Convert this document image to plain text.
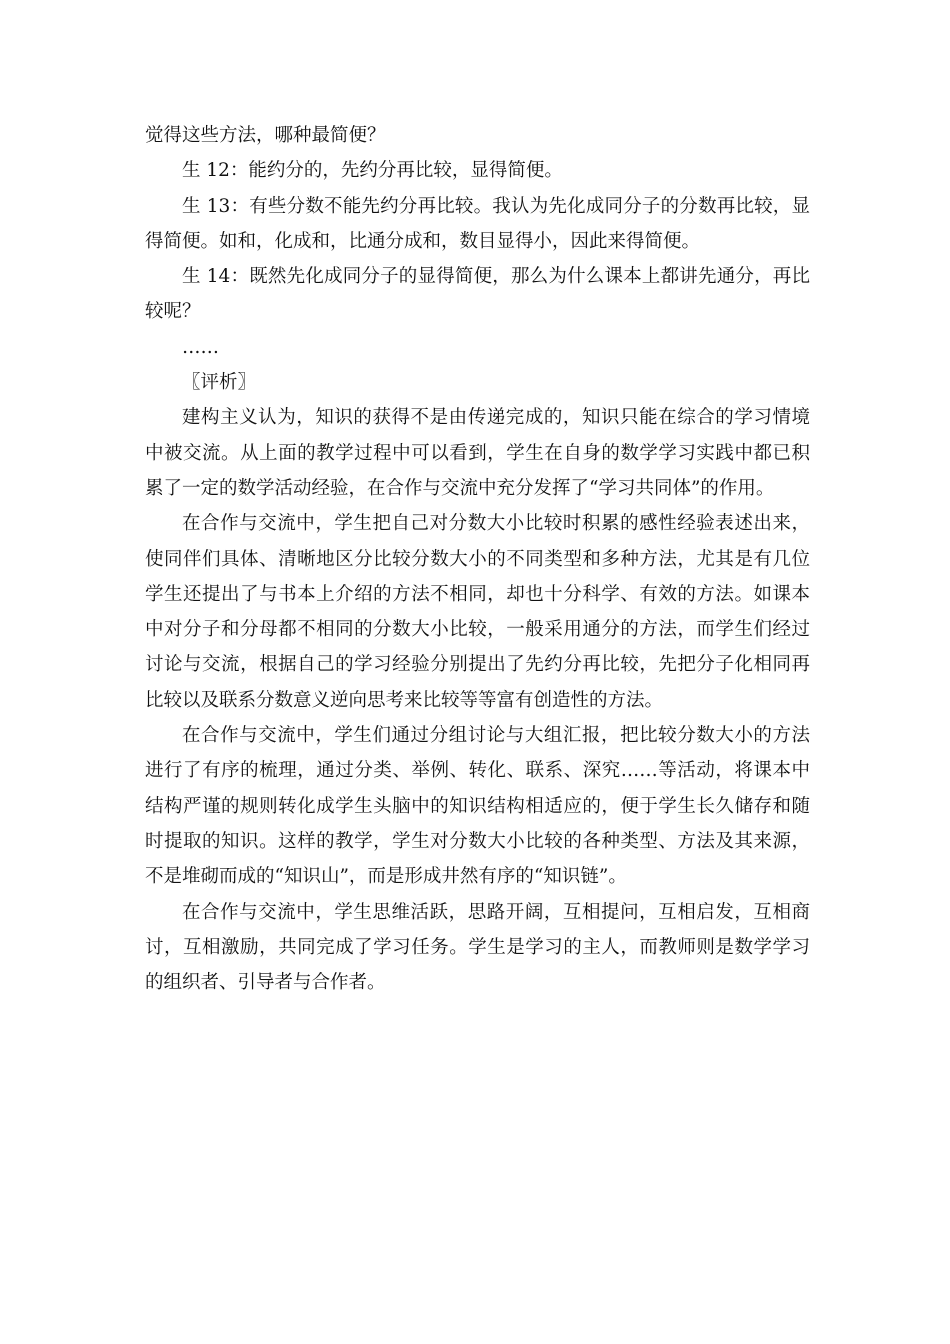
觉得这些方法，哪种最简便？

生 12：能约分的，先约分再比较，显得简便。

生 13：有些分数不能先约分再比较。我认为先化成同分子的分数再比较，显得简便。如和，化成和，比通分成和，数目显得小，因此来得简便。

生 14：既然先化成同分子的显得简便，那么为什么课本上都讲先通分，再比较呢？

……

〖评析〗

建构主义认为，知识的获得不是由传递完成的，知识只能在综合的学习情境中被交流。从上面的教学过程中可以看到，学生在自身的数学学习实践中都已积累了一定的数学活动经验，在合作与交流中充分发挥了“学习共同体”的作用。

在合作与交流中，学生把自己对分数大小比较时积累的感性经验表述出来，使同伴们具体、清晰地区分比较分数大小的不同类型和多种方法，尤其是有几位学生还提出了与书本上介绍的方法不相同，却也十分科学、有效的方法。如课本中对分子和分母都不相同的分数大小比较，一般采用通分的方法，而学生们经过讨论与交流，根据自己的学习经验分别提出了先约分再比较，先把分子化相同再比较以及联系分数意义逆向思考来比较等等富有创造性的方法。

在合作与交流中，学生们通过分组讨论与大组汇报，把比较分数大小的方法进行了有序的梳理，通过分类、举例、转化、联系、深究……等活动，将课本中结构严谨的规则转化成学生头脑中的知识结构相适应的，便于学生长久储存和随时提取的知识。这样的教学，学生对分数大小比较的各种类型、方法及其来源，不是堆砌而成的“知识山”，而是形成井然有序的“知识链”。

在合作与交流中，学生思维活跃，思路开阔，互相提问，互相启发，互相商讨，互相激励，共同完成了学习任务。学生是学习的主人，而教师则是数学学习的组织者、引导者与合作者。
